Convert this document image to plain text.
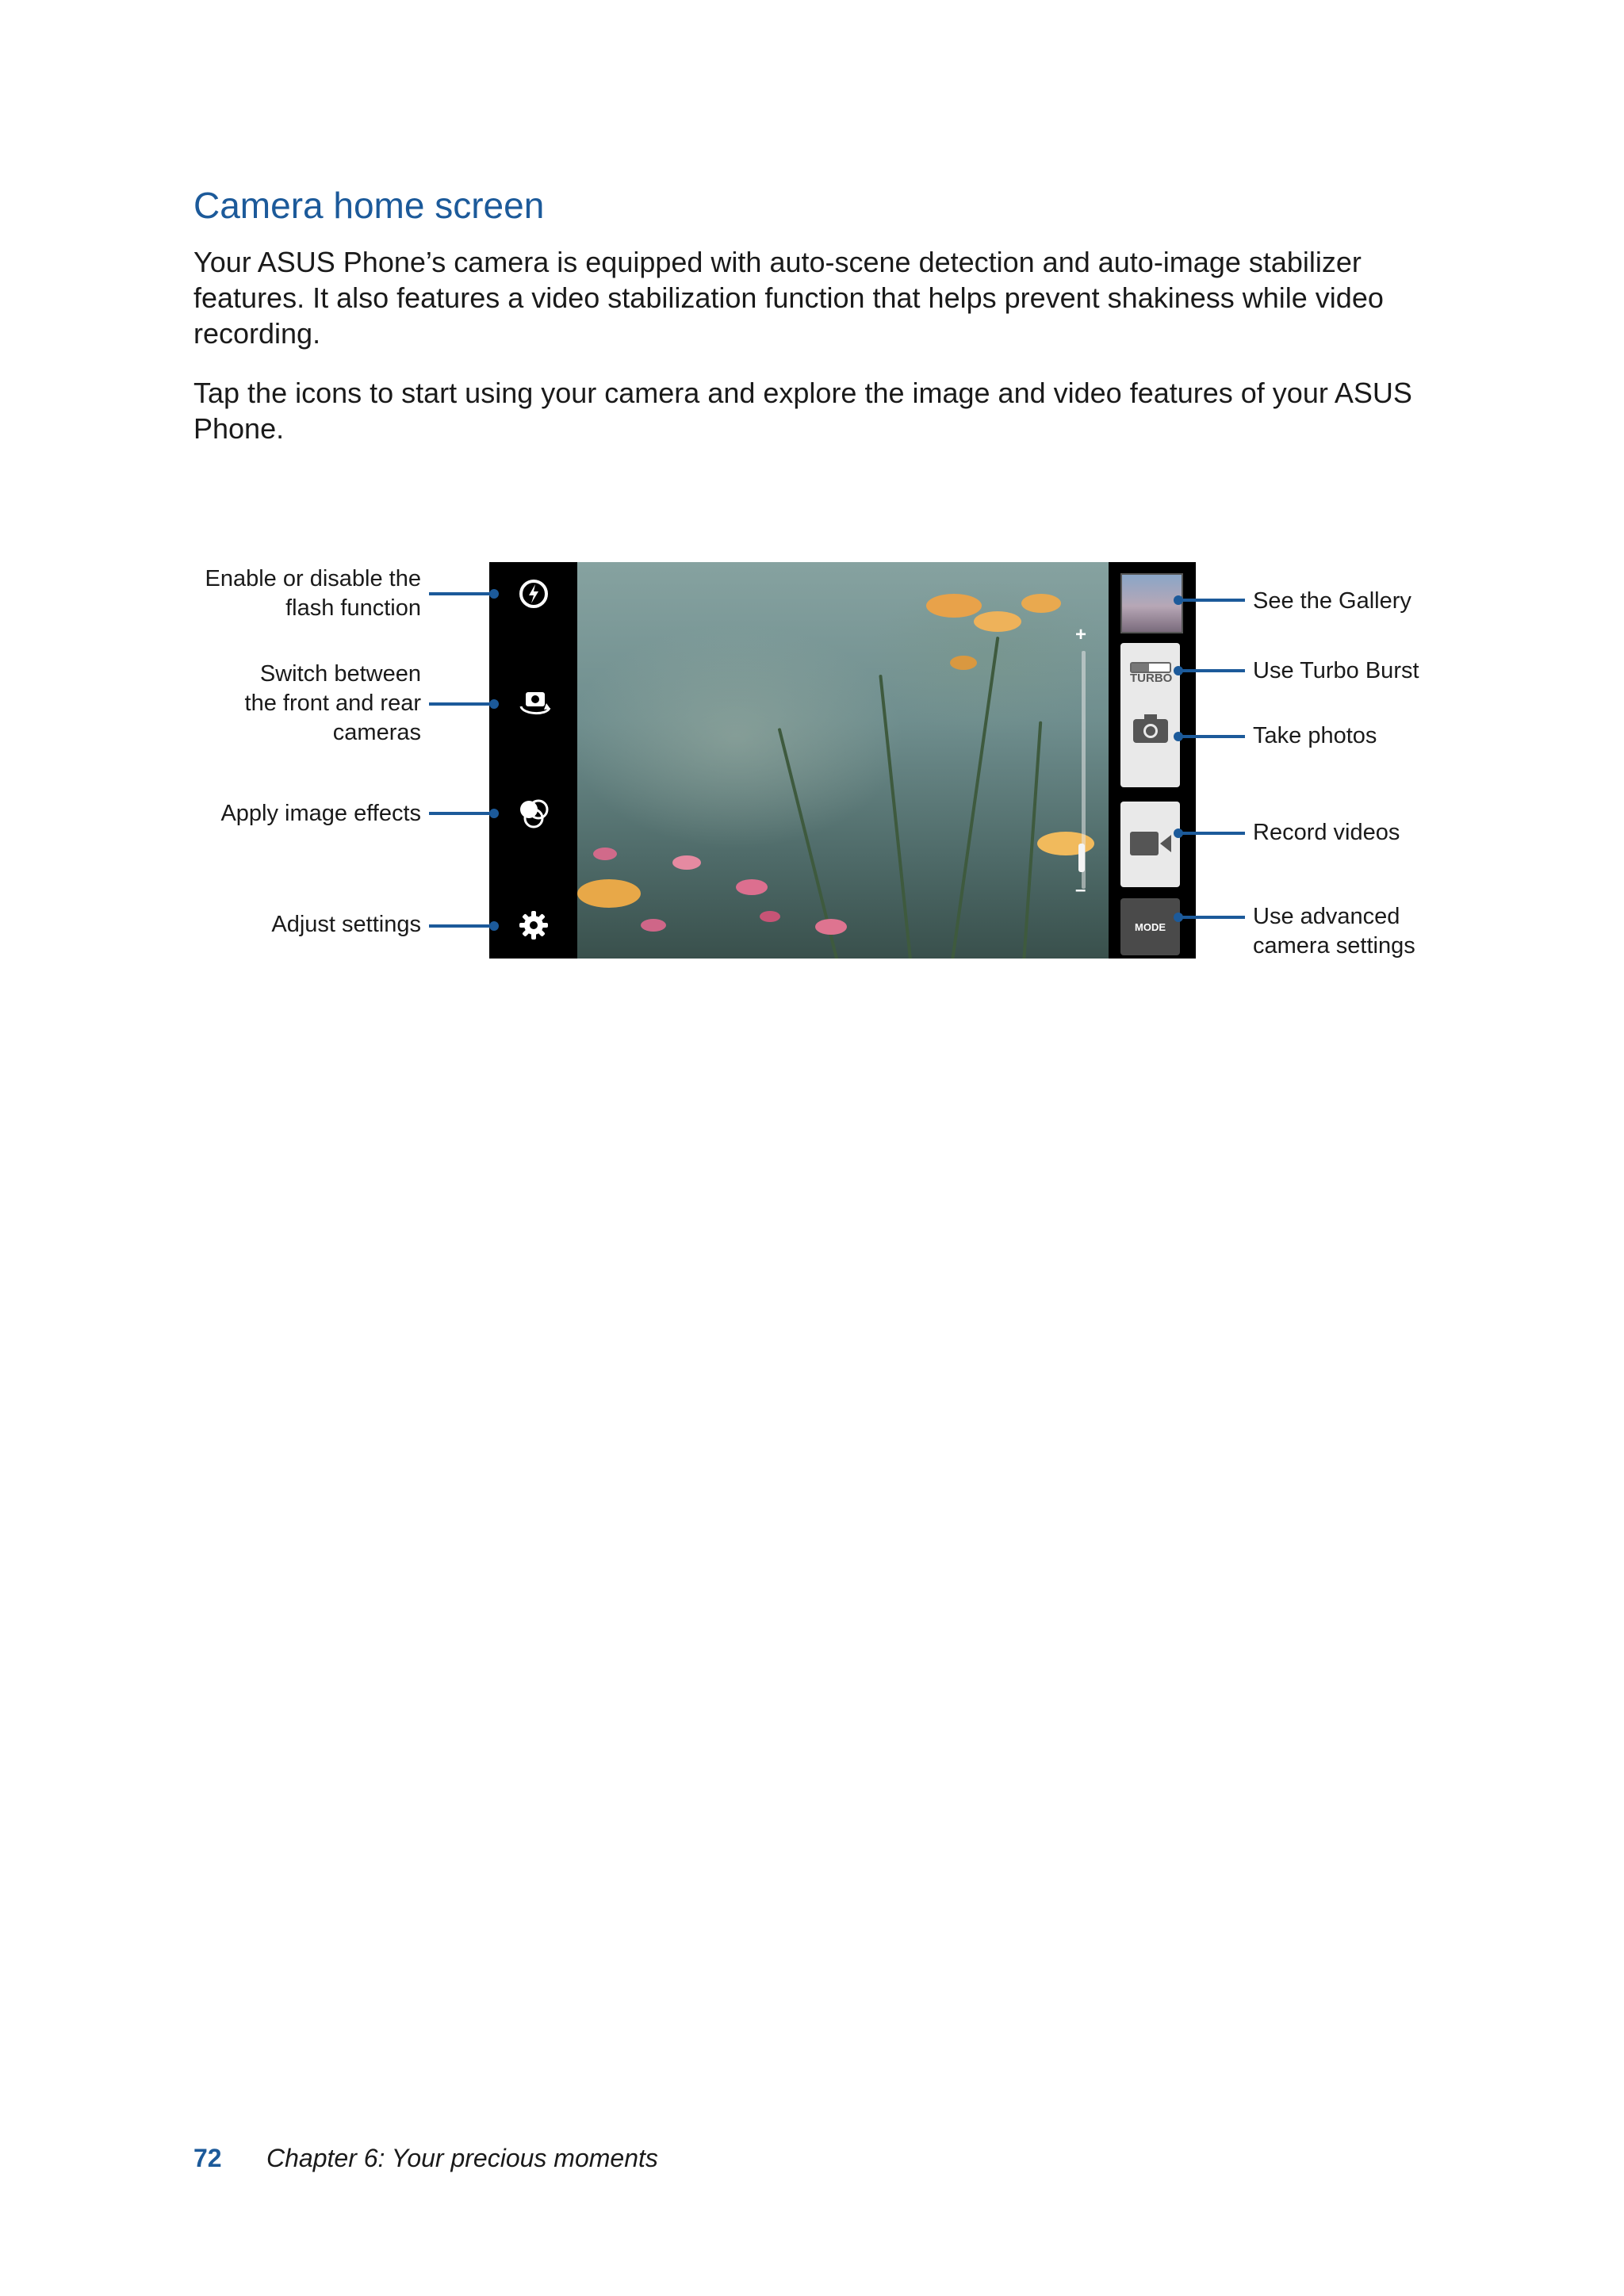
Camera home screen

Your ASUS Phone’s camera is equipped with auto-scene detection and auto-image stabilizer features. It also features a video stabilization function that helps prevent shakiness while video recording.

Tap the icons to start using your camera and explore the image and video features of your ASUS Phone.

+
–
TURBO
MODE
Enable or disable the
flash function
Switch between
the front and rear
cameras
Apply image effects
Adjust settings
See the Gallery
Use Turbo Burst
Take photos
Record videos
Use advanced
camera settings
72 Chapter 6: Your precious moments
